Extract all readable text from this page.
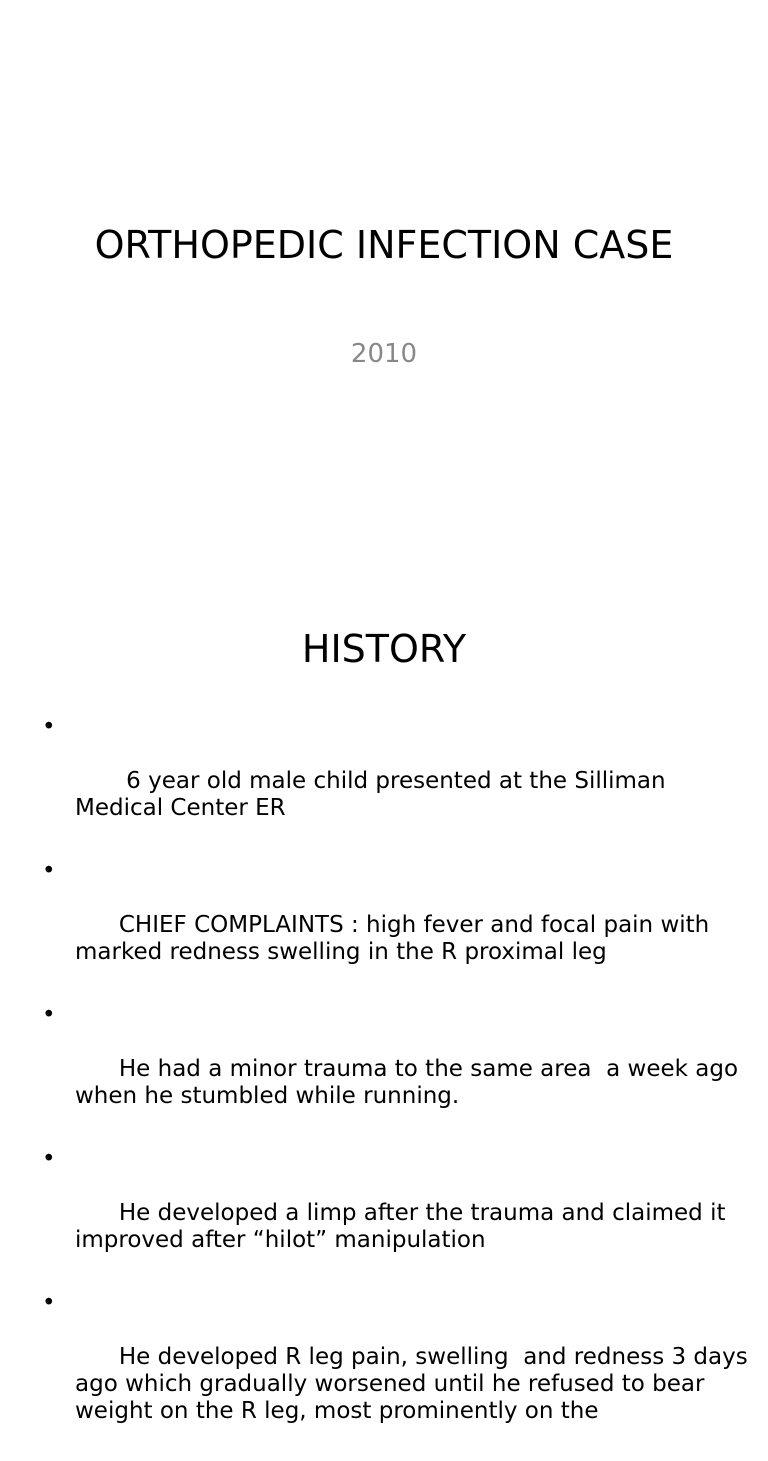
ORTHOPEDIC INFECTION CASE
2010
HISTORY

•

6 year old male child presented at the Silliman Medical Center ER

•

CHIEF COMPLAINTS : high fever and focal pain with marked redness swelling in the R proximal leg

•

He had a minor trauma to the same area  a week ago when he stumbled while running.

•

He developed a limp after the trauma and claimed it improved after “hilot” manipulation

•

He developed R leg pain, swelling  and redness 3 days ago which gradually worsened until he refused to bear weight on the R leg, most prominently on the
